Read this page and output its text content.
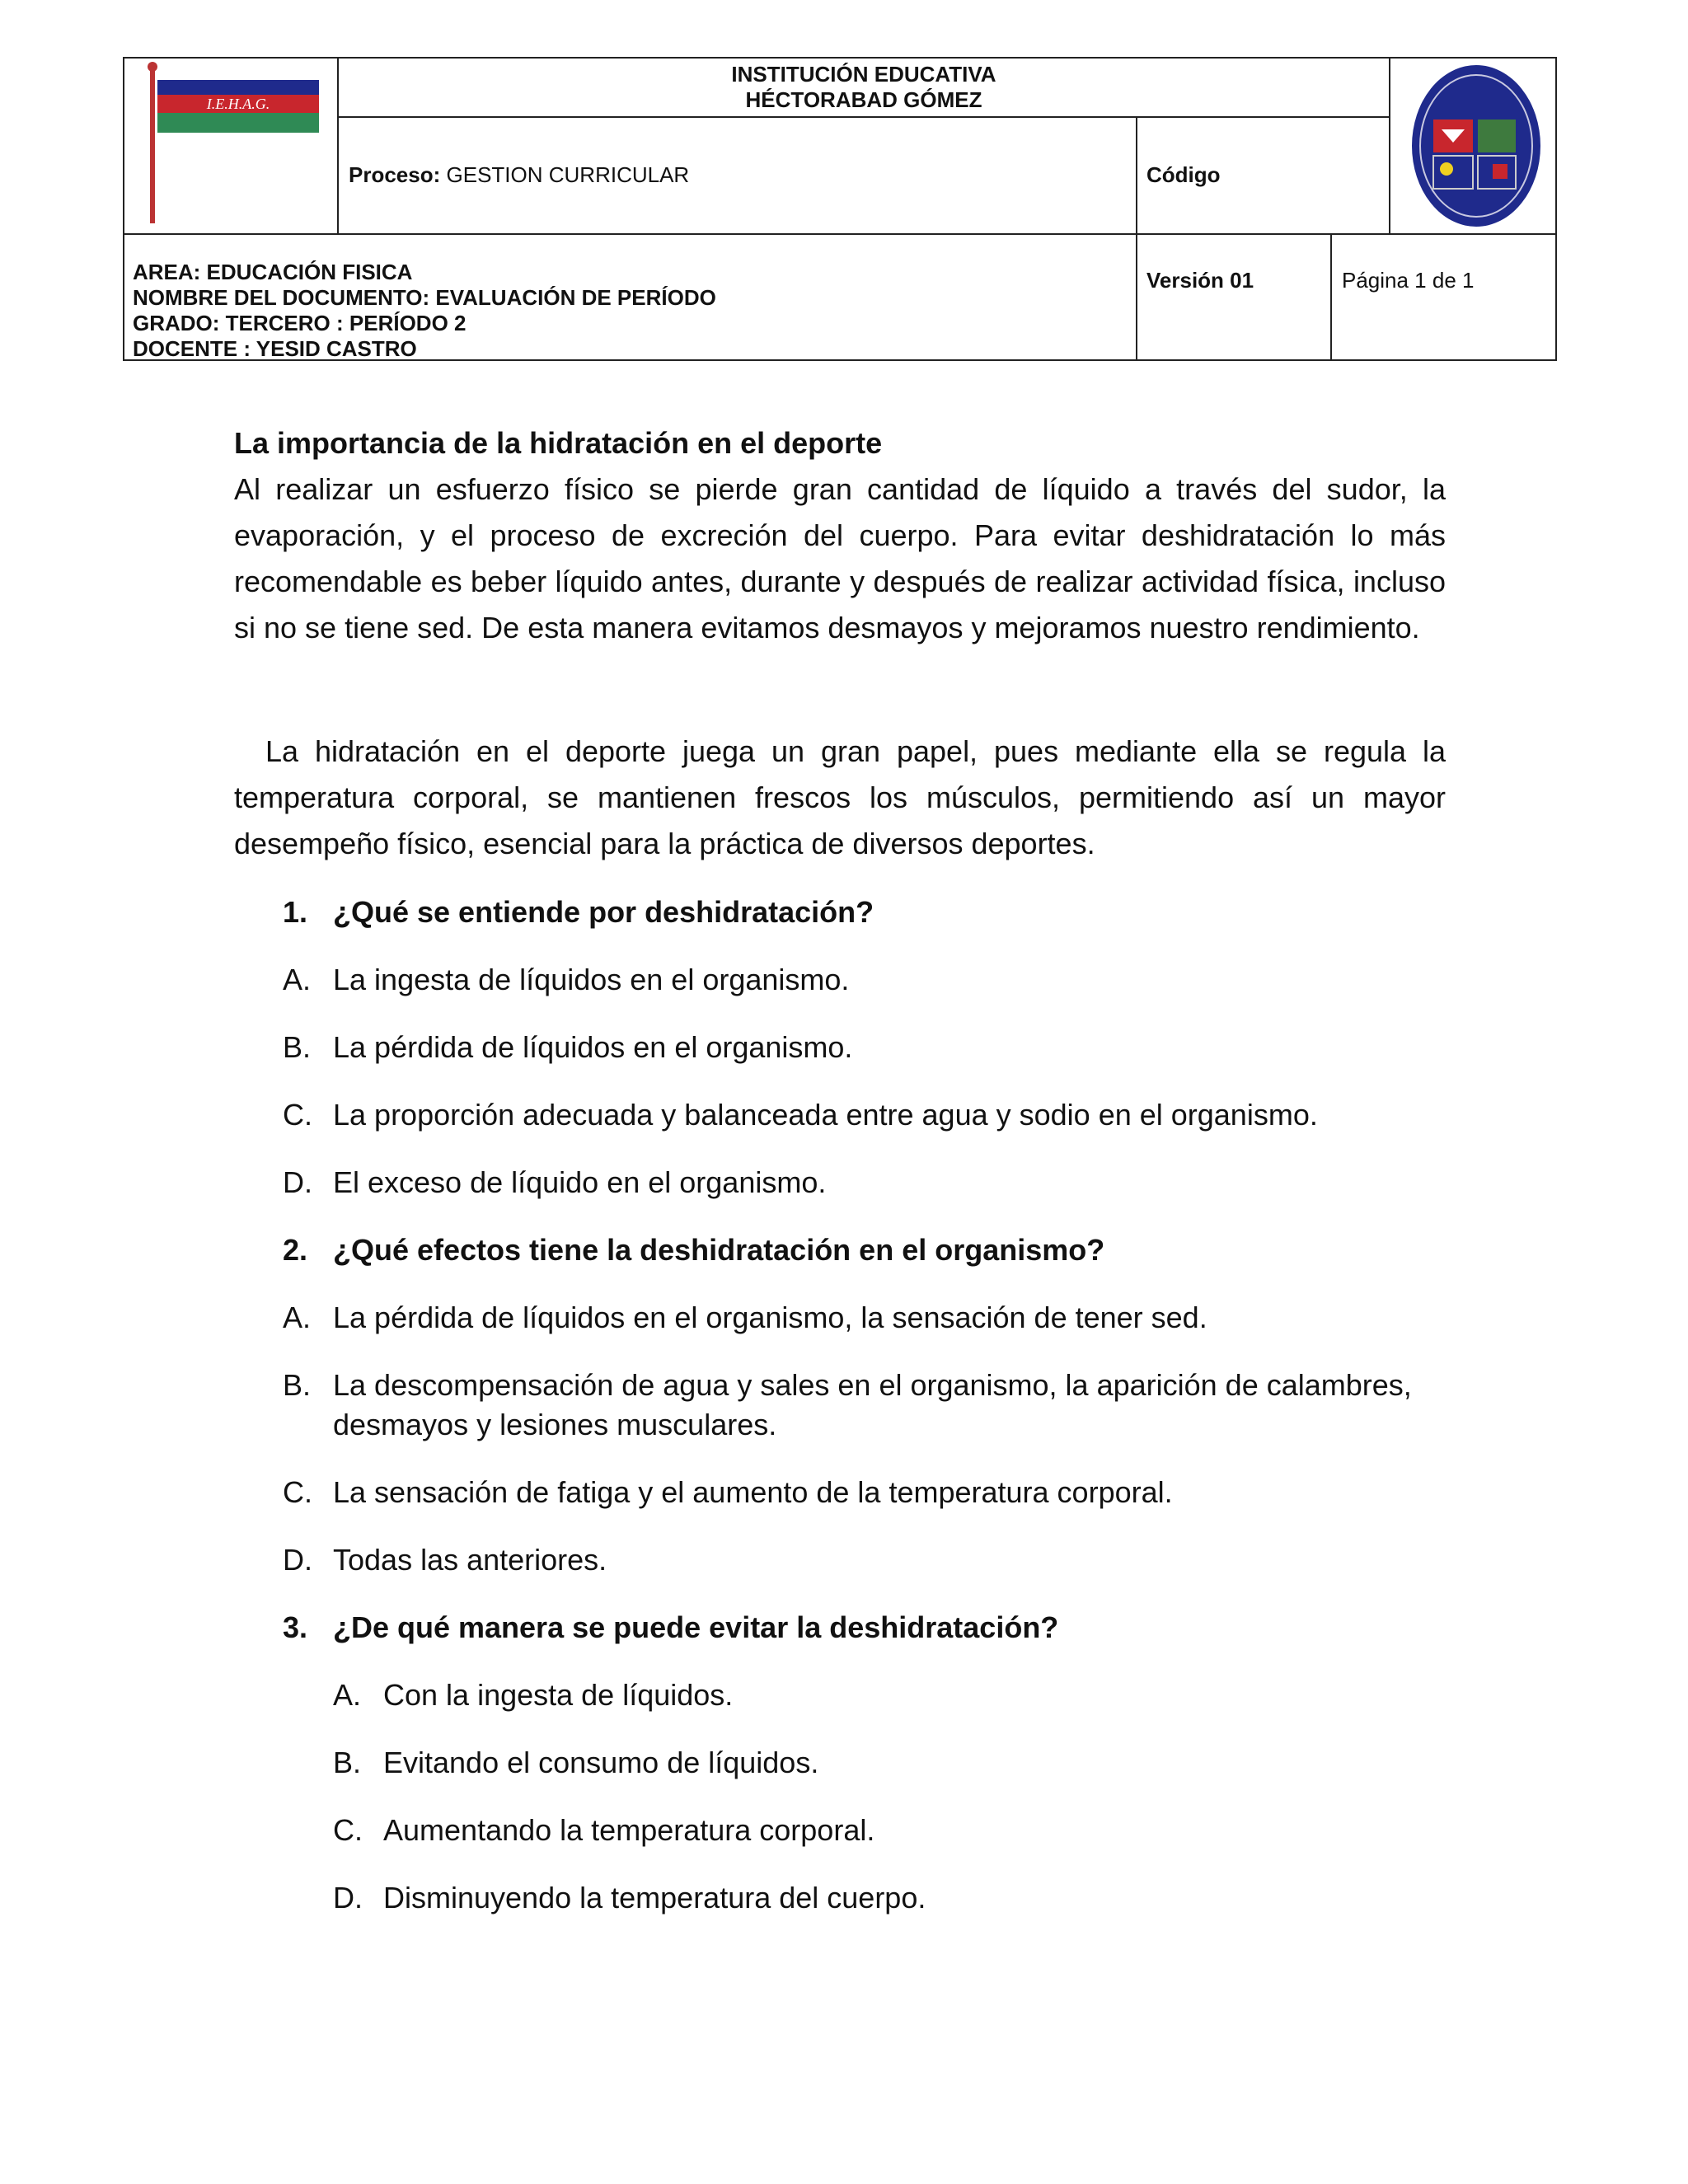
I.E.H.A.G.
INSTITUCIÓN EDUCATIVA
HÉCTORABAD GÓMEZ
Proceso: GESTION CURRICULAR	Código
AREA: EDUCACIÓN FISICA
NOMBRE DEL DOCUMENTO: EVALUACIÓN DE PERÍODO
GRADO: TERCERO : PERÍODO 2
DOCENTE : YESID CASTRO
Versión 01	Página 1 de 1
La importancia de la hidratación en el deporte
Al realizar un esfuerzo físico se pierde gran cantidad de líquido a través del sudor, la evaporación, y el proceso de excreción del cuerpo. Para evitar deshidratación lo más recomendable es beber líquido antes, durante y después de realizar actividad física, incluso si no se tiene sed. De esta manera evitamos desmayos y mejoramos nuestro rendimiento.
La hidratación en el deporte juega un gran papel, pues mediante ella se regula la temperatura corporal, se mantienen frescos los músculos, permitiendo así un mayor desempeño físico, esencial para la práctica de diversos deportes.
1. ¿Qué se entiende por deshidratación?
A. La ingesta de líquidos en el organismo.
B. La pérdida de líquidos en el organismo.
C. La proporción adecuada y balanceada entre agua y sodio en el organismo.
D. El exceso de líquido en el organismo.
2. ¿Qué efectos tiene la deshidratación en el organismo?
A. La pérdida de líquidos en el organismo, la sensación de tener sed.
B. La descompensación de agua y sales en el organismo, la aparición de calambres,
desmayos y lesiones musculares.
C. La sensación de fatiga y el aumento de la temperatura corporal.
D. Todas las anteriores.
3. ¿De qué manera se puede evitar la deshidratación?
A. Con la ingesta de líquidos.
B. Evitando el consumo de líquidos.
C. Aumentando la temperatura corporal.
D. Disminuyendo la temperatura del cuerpo.
